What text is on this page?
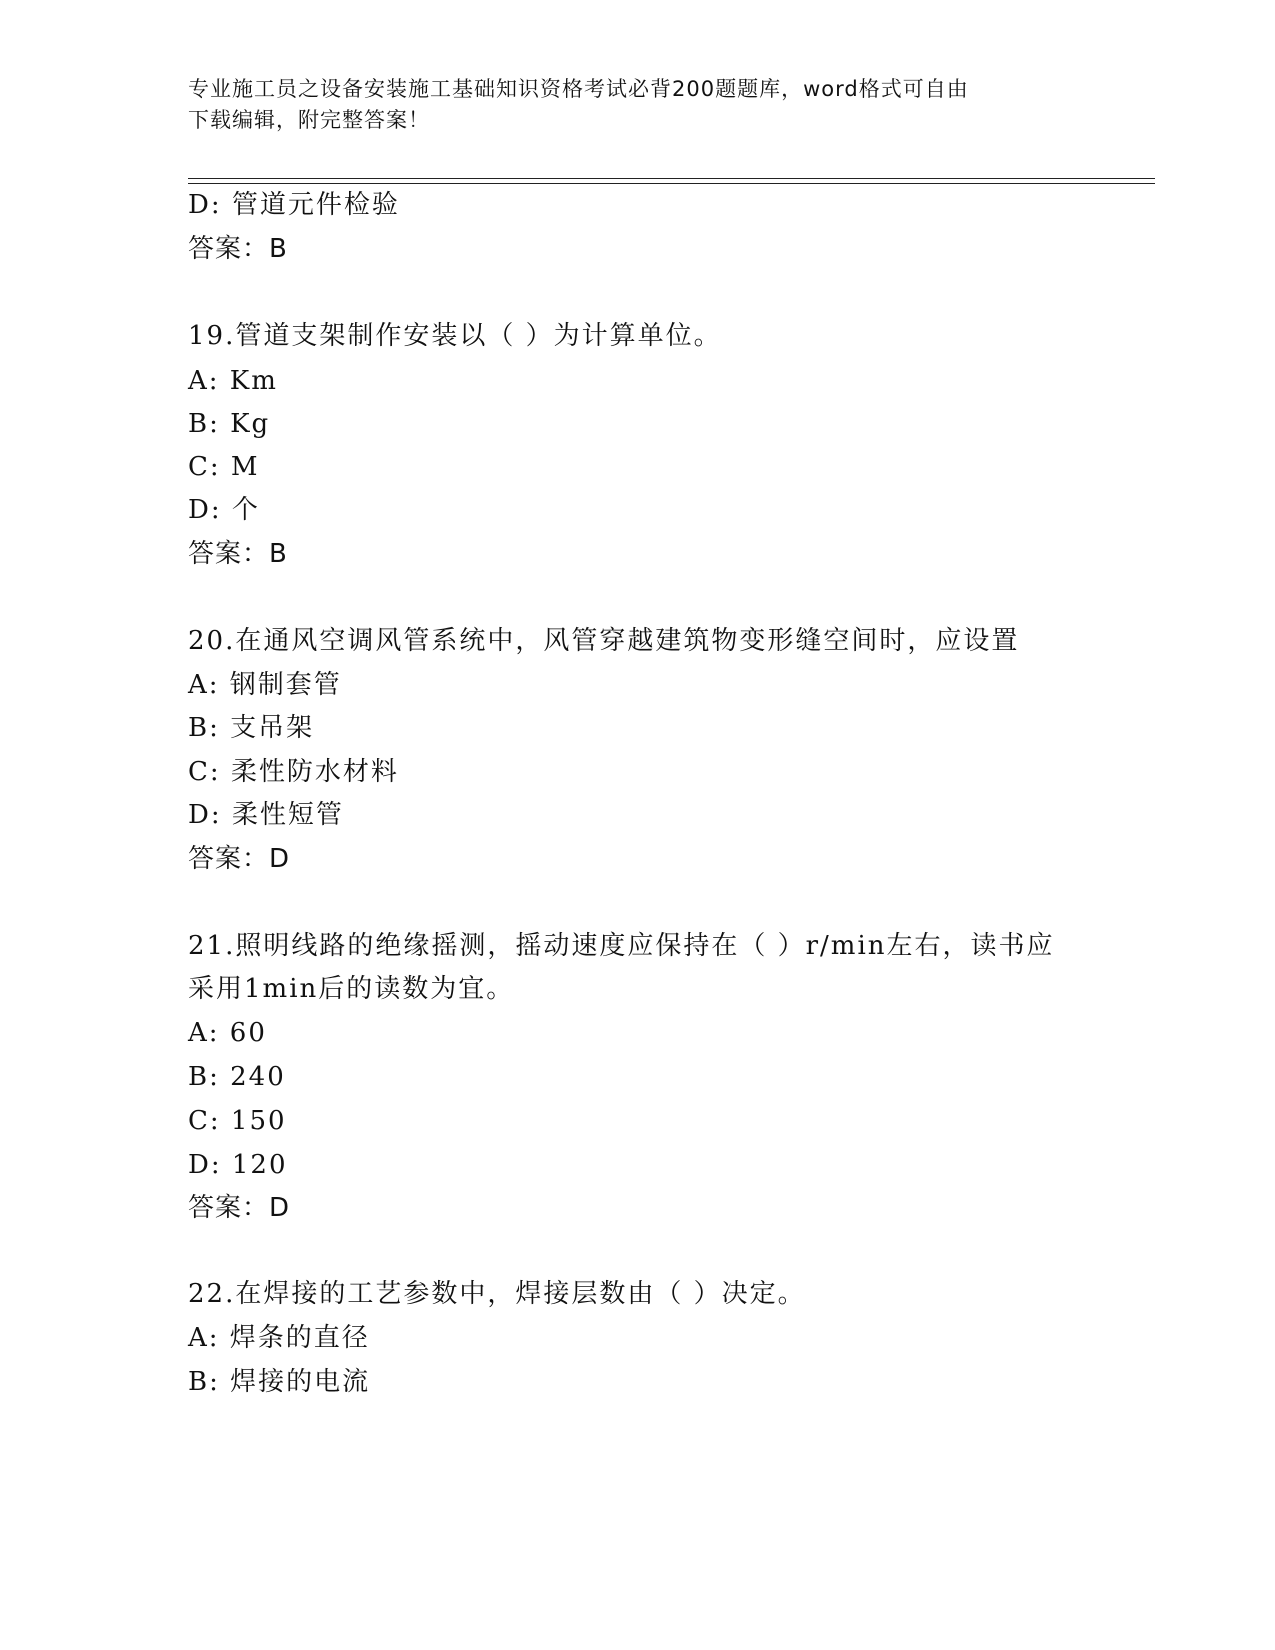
专业施工员之设备安装施工基础知识资格考试必背200题题库，word格式可自由
下载编辑，附完整答案！
D: 管道元件检验
答案：B
19.管道支架制作安装以（ ）为计算单位。
A: Km
B: Kg
C: M
D: 个
答案：B
20.在通风空调风管系统中，风管穿越建筑物变形缝空间时，应设置
A: 钢制套管
B: 支吊架
C: 柔性防水材料
D: 柔性短管
答案：D
21.照明线路的绝缘摇测，摇动速度应保持在（ ）r/min左右，读书应
采用1min后的读数为宜。
A: 60
B: 240
C: 150
D: 120
答案：D
22.在焊接的工艺参数中，焊接层数由（ ）决定。
A: 焊条的直径
B: 焊接的电流
